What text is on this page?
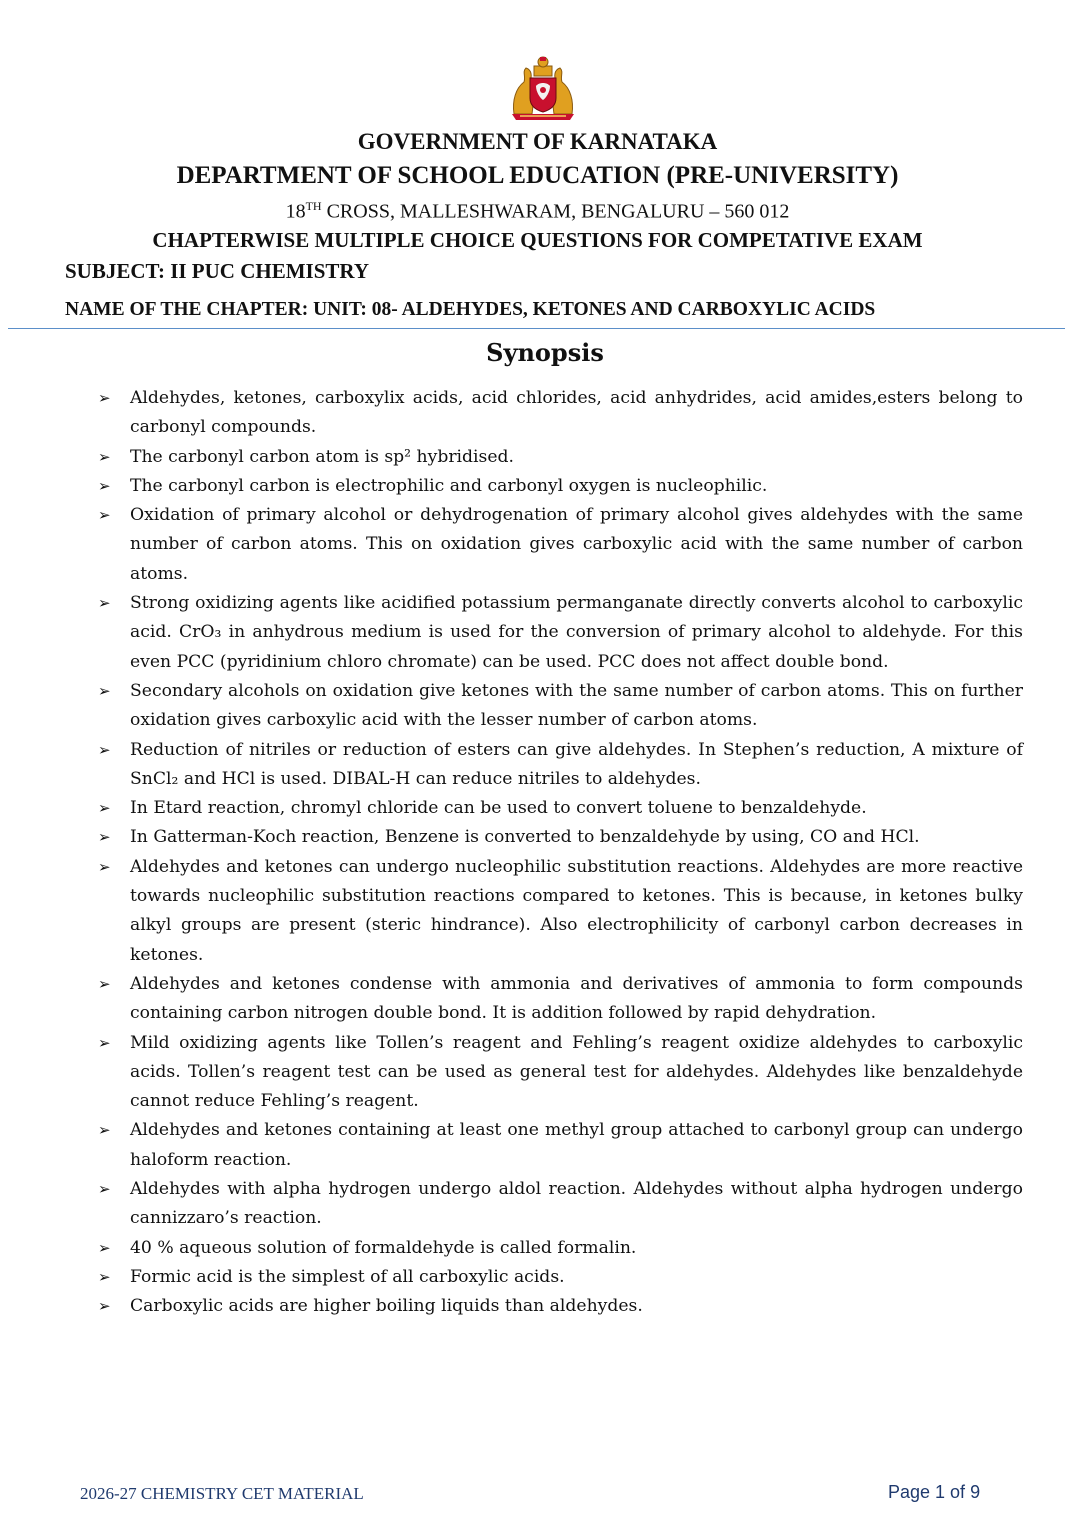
GOVERNMENT OF KARNATAKA
DEPARTMENT OF SCHOOL EDUCATION (PRE-UNIVERSITY)
18TH CROSS, MALLESHWARAM, BENGALURU – 560 012
CHAPTERWISE MULTIPLE CHOICE QUESTIONS FOR COMPETATIVE EXAM
SUBJECT: II PUC CHEMISTRY
NAME OF THE CHAPTER: UNIT: 08- ALDEHYDES, KETONES AND CARBOXYLIC ACIDS
Synopsis
➢ Aldehydes, ketones, carboxylix acids, acid chlorides, acid anhydrides, acid amides,esters belong to carbonyl compounds.
➢ The carbonyl carbon atom is sp² hybridised.
➢ The carbonyl carbon is electrophilic and carbonyl oxygen is nucleophilic.
➢ Oxidation of primary alcohol or dehydrogenation of primary alcohol gives aldehydes with the same number of carbon atoms. This on oxidation gives carboxylic acid with the same number of carbon atoms.
➢ Strong oxidizing agents like acidified potassium permanganate directly converts alcohol to carboxylic acid. CrO₃ in anhydrous medium is used for the conversion of primary alcohol to aldehyde. For this even PCC (pyridinium chloro chromate) can be used. PCC does not affect double bond.
➢ Secondary alcohols on oxidation give ketones with the same number of carbon atoms. This on further oxidation gives carboxylic acid with the lesser number of carbon atoms.
➢ Reduction of nitriles or reduction of esters can give aldehydes. In Stephen’s reduction, A mixture of SnCl₂ and HCl is used. DIBAL-H can reduce nitriles to aldehydes.
➢ In Etard reaction, chromyl chloride can be used to convert toluene to benzaldehyde.
➢ In Gatterman-Koch reaction, Benzene is converted to benzaldehyde by using, CO and HCl.
➢ Aldehydes and ketones can undergo nucleophilic substitution reactions. Aldehydes are more reactive towards nucleophilic substitution reactions compared to ketones. This is because, in ketones bulky alkyl groups are present (steric hindrance). Also electrophilicity of carbonyl carbon decreases in ketones.
➢ Aldehydes and ketones condense with ammonia and derivatives of ammonia to form compounds containing carbon nitrogen double bond. It is addition followed by rapid dehydration.
➢ Mild oxidizing agents like Tollen’s reagent and Fehling’s reagent oxidize aldehydes to carboxylic acids. Tollen’s reagent test can be used as general test for aldehydes. Aldehydes like benzaldehyde cannot reduce Fehling’s reagent.
➢ Aldehydes and ketones containing at least one methyl group attached to carbonyl group can undergo haloform reaction.
➢ Aldehydes with alpha hydrogen undergo aldol reaction. Aldehydes without alpha hydrogen undergo cannizzaro’s reaction.
➢ 40 % aqueous solution of formaldehyde is called formalin.
➢ Formic acid is the simplest of all carboxylic acids.
➢ Carboxylic acids are higher boiling liquids than aldehydes.
2026-27 CHEMISTRY CET MATERIAL	Page 1 of 9
